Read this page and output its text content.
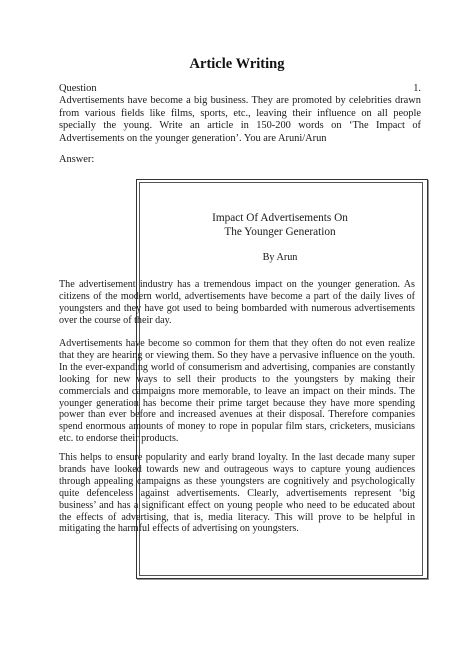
Article Writing
Question	1.
Advertisements have become a big business. They are promoted by celebrities drawn from various fields like films, sports, etc., leaving their influence on all people specially the young. Write an article in 150-200 words on ‘The Impact of Advertisements on the younger generation’. You are Aruni/Arun
Answer:
Impact Of Advertisements On
The Younger Generation
By Arun
The advertisement industry has a tremendous impact on the younger generation. As citizens of the modern world, advertisements have become a part of the daily lives of youngsters and they have got used to being bombarded with numerous advertisements over the course of their day.
Advertisements have become so common for them that they often do not even realize that they are hearing or viewing them. So they have a pervasive influence on the youth. In the ever-expanding world of consumerism and advertising, companies are constantly looking for new ways to sell their products to the youngsters by making their commercials and campaigns more memorable, to leave an impact on their minds. The younger generation has become their prime target because they have more spending power than ever before and increased avenues at their disposal. Therefore companies spend enormous amounts of money to rope in popular film stars, cricketers, musicians etc. to endorse their products.
This helps to ensure popularity and early brand loyalty. In the last decade many super brands have looked towards new and outrageous ways to capture young audiences through appealing campaigns as these youngsters are cognitively and psychologically quite defenceless against advertisements. Clearly, advertisements represent ‘big business’ and has a significant effect on young people who need to be educated about the effects of advertising, that is, media literacy. This will prove to be helpful in mitigating the harmful effects of advertising on youngsters.
